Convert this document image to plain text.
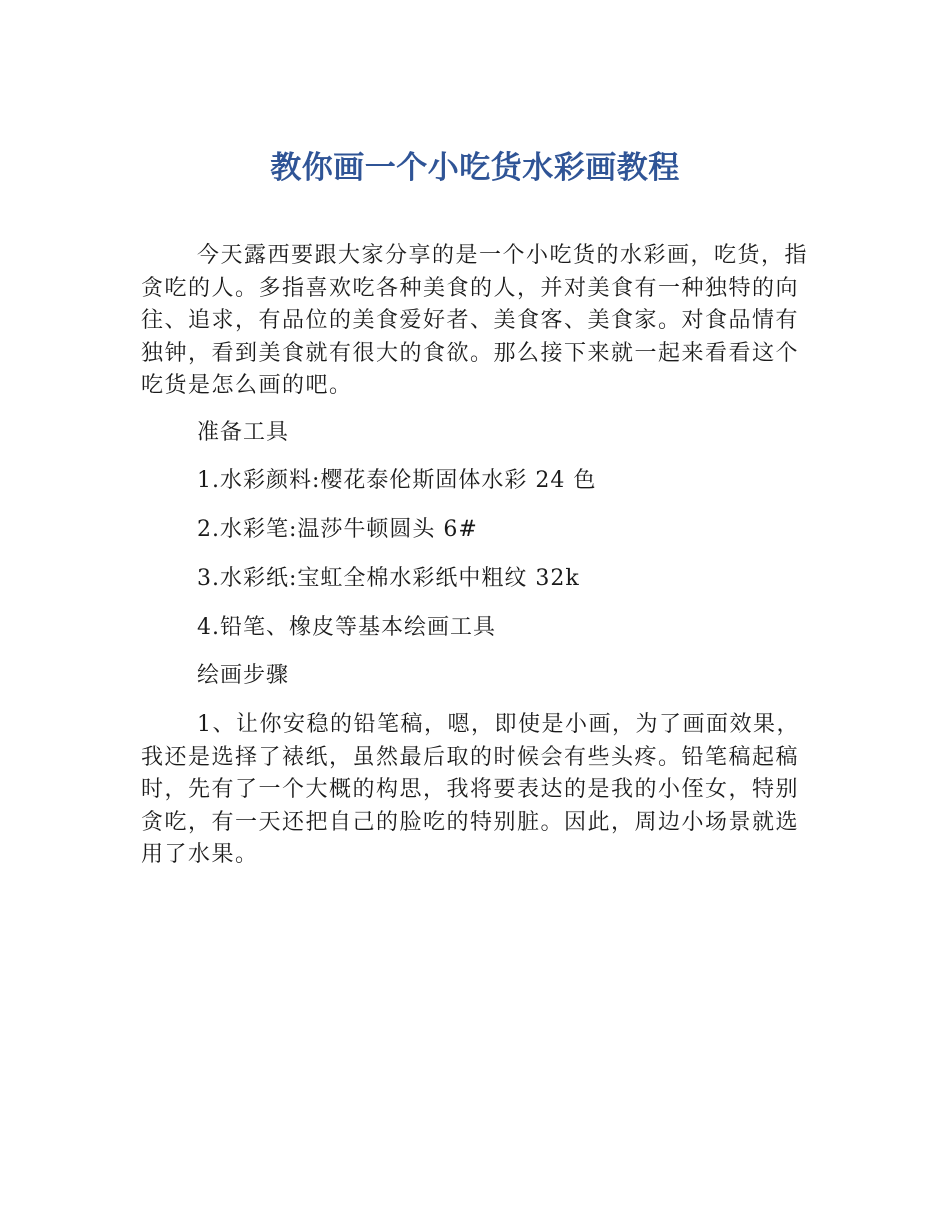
教你画一个小吃货水彩画教程

今天露西要跟大家分享的是一个小吃货的水彩画，吃货，指贪吃的人。多指喜欢吃各种美食的人，并对美食有一种独特的向往、追求，有品位的美食爱好者、美食客、美食家。对食品情有独钟，看到美食就有很大的食欲。那么接下来就一起来看看这个吃货是怎么画的吧。

准备工具

1.水彩颜料:樱花泰伦斯固体水彩 24 色

2.水彩笔:温莎牛顿圆头 6#

3.水彩纸:宝虹全棉水彩纸中粗纹 32k

4.铅笔、橡皮等基本绘画工具

绘画步骤

1、让你安稳的铅笔稿，嗯，即使是小画，为了画面效果，我还是选择了裱纸，虽然最后取的时候会有些头疼。铅笔稿起稿时，先有了一个大概的构思，我将要表达的是我的小侄女，特别贪吃，有一天还把自己的脸吃的特别脏。因此，周边小场景就选用了水果。
